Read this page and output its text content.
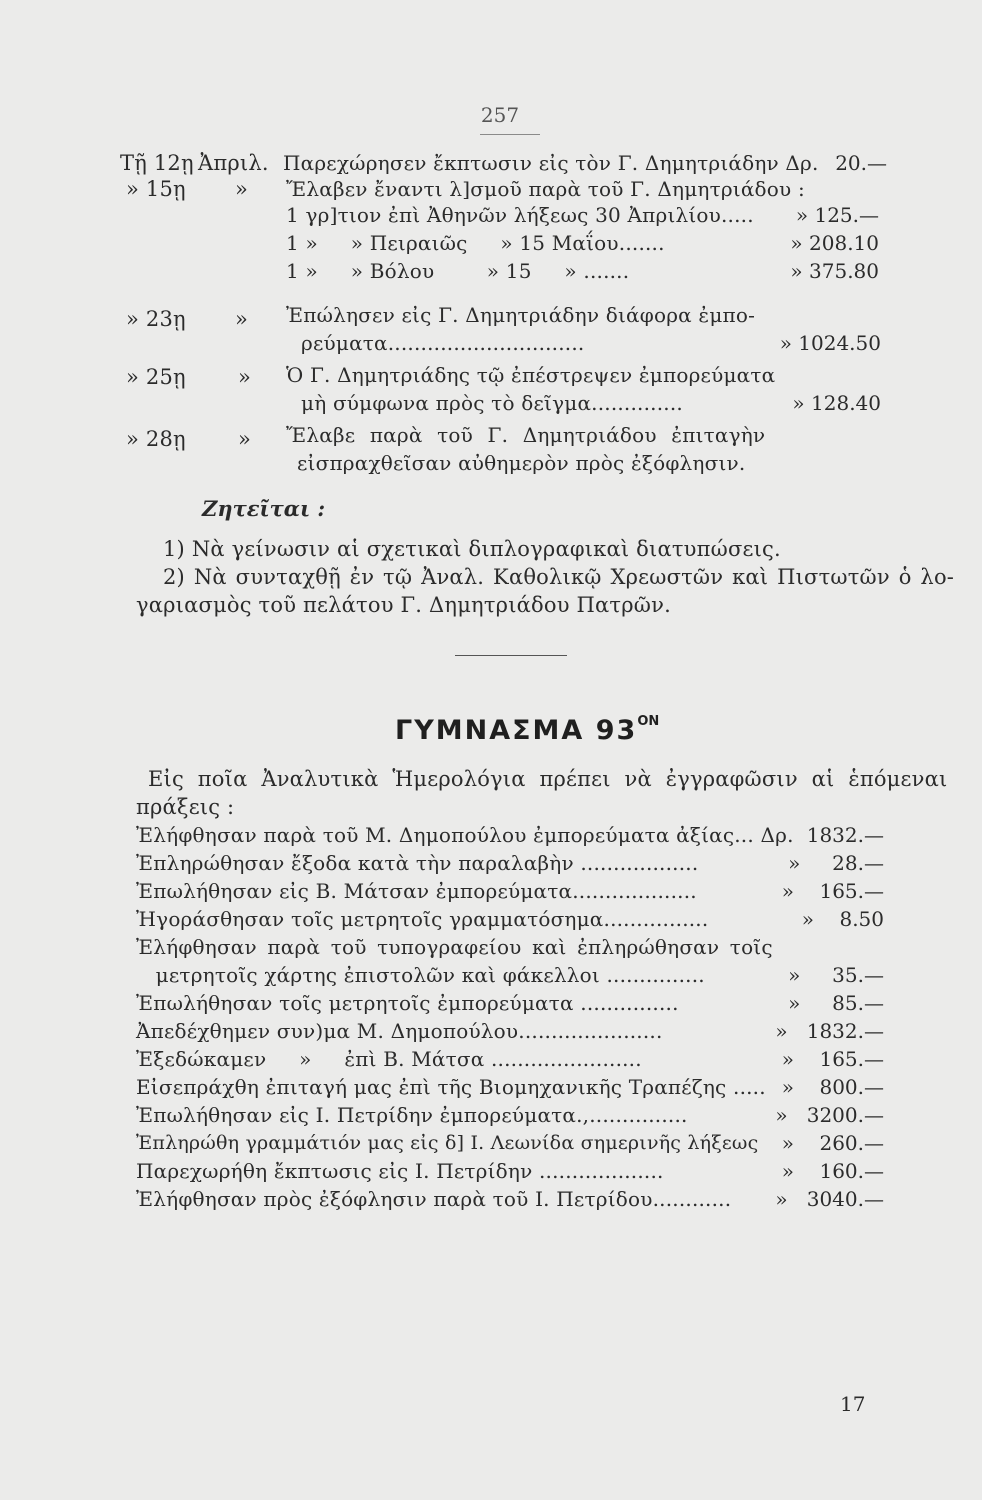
257
Τῇ 12ῃ Ἀπριλ. Παρεχώρησεν ἔκπτωσιν εἰς τὸν Γ. Δημητριάδην Δρ. 20.—
» 15ῃ » Ἔλαβεν ἔναντι λ]σμοῦ παρὰ τοῦ Γ. Δημητριάδου :
1 γρ]τιον ἐπὶ Ἀθηνῶν λήξεως 30 Ἀπριλίου..... » 125.—
1 »     » Πειραιῶς     » 15 Μαΐου.......	» 208.10
1 »     » Βόλου        » 15     » .......	» 375.80
» 23ῃ » Ἐπώλησεν εἰς Γ. Δημητριάδην διάφορα ἐμπο-
ρεύματα..............................	» 1024.50
» 25ῃ » Ὁ Γ. Δημητριάδης τῷ ἐπέστρεψεν ἐμπορεύματα
μὴ σύμφωνα πρὸς τὸ δεῖγμα..............	» 128.40
» 28ῃ » Ἔλαβε παρὰ τοῦ Γ. Δημητριάδου ἐπιταγὴν
εἰσπραχθεῖσαν αὐθημερὸν πρὸς ἐξόφλησιν.
Ζητεῖται :
1) Νὰ γείνωσιν αἱ σχετικαὶ διπλογραφικαὶ διατυπώσεις.
2) Νὰ συνταχθῇ ἐν τῷ Ἀναλ. Καθολικῷ Χρεωστῶν καὶ Πιστωτῶν ὁ λο-
γαριασμὸς τοῦ πελάτου Γ. Δημητριάδου Πατρῶν.
ΓΥΜΝΑΣΜΑ $93^{ON}$
Εἰς ποῖα Ἀναλυτικὰ Ἡμερολόγια πρέπει νὰ ἐγγραφῶσιν αἱ ἑπόμεναι
πράξεις :
Ἐλήφθησαν παρὰ τοῦ Μ. Δημοπούλου ἐμπορεύματα ἀξίας... Δρ. 1832.—
Ἐπληρώθησαν ἔξοδα κατὰ τὴν παραλαβὴν ..................	»     28.—
Ἐπωλήθησαν εἰς Β. Μάτσαν ἐμπορεύματα...................	»    165.—
Ἠγοράσθησαν τοῖς μετρητοῖς γραμματόσημα................	»    8.50
Ἐλήφθησαν παρὰ τοῦ τυπογραφείου καὶ ἐπληρώθησαν τοῖς
μετρητοῖς χάρτης ἐπιστολῶν καὶ φάκελλοι ...............	»     35.—
Ἐπωλήθησαν τοῖς μετρητοῖς ἐμπορεύματα ...............	»     85.—
Ἀπεδέχθημεν συν)μα Μ. Δημοπούλου......................	»   1832.—
Ἐξεδώκαμεν     »     ἐπὶ Β. Μάτσα .......................	»    165.—
Εἰσεπράχθη ἐπιταγή μας ἐπὶ τῆς Βιομηχανικῆς Τραπέζης ..... »    800.—
Ἐπωλήθησαν εἰς Ι. Πετρίδην ἐμπορεύματα.,...............	»   3200.—
Ἐπληρώθη γραμμάτιόν μας εἰς δ] Ι. Λεωνίδα σημερινῆς λήξεως »    260.—
Παρεχωρήθη ἔκπτωσις εἰς Ι. Πετρίδην ...................	»    160.—
Ἐλήφθησαν πρὸς ἐξόφλησιν παρὰ τοῦ Ι. Πετρίδου............ »   3040.—
17
